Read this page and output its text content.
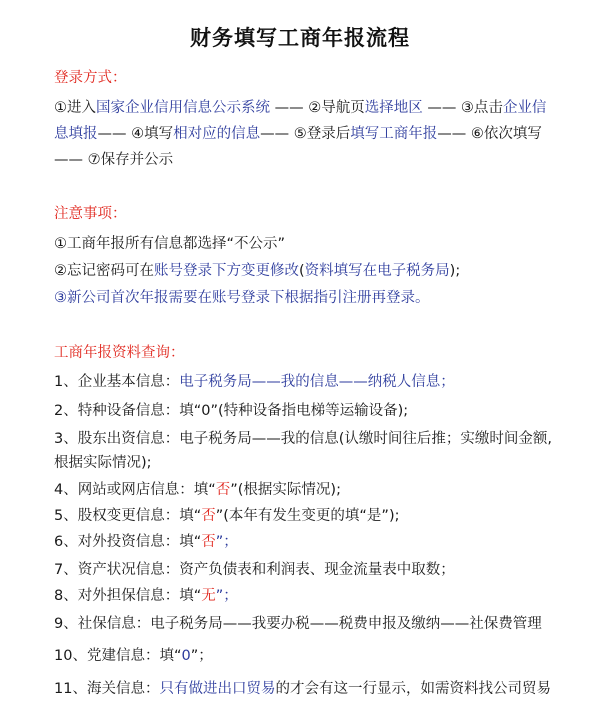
财务填写工商年报流程
登录方式：
①进入国家企业信用信息公示系统 —— ②导航页选择地区 —— ③点击企业信
息填报—— ④填写相对应的信息—— ⑤登录后填写工商年报—— ⑥依次填写
—— ⑦保存并公示
注意事项：
①工商年报所有信息都选择“不公示”
②忘记密码可在账号登录下方变更修改(资料填写在电子税务局);
③新公司首次年报需要在账号登录下根据指引注册再登录。
工商年报资料查询：
1、企业基本信息：电子税务局——我的信息——纳税人信息；
2、特种设备信息：填“0”(特种设备指电梯等运输设备);
3、股东出资信息：电子税务局——我的信息(认缴时间往后推；实缴时间金额,
根据实际情况);
4、网站或网店信息：填“否”(根据实际情况);
5、股权变更信息：填“否”(本年有发生变更的填“是”);
6、对外投资信息：填“否”；
7、资产状况信息：资产负债表和利润表、现金流量表中取数；
8、对外担保信息：填“无”；
9、社保信息：电子税务局——我要办税——税费申报及缴纳——社保费管理
10、党建信息：填“0”；
11、海关信息：只有做进出口贸易的才会有这一行显示，如需资料找公司贸易
